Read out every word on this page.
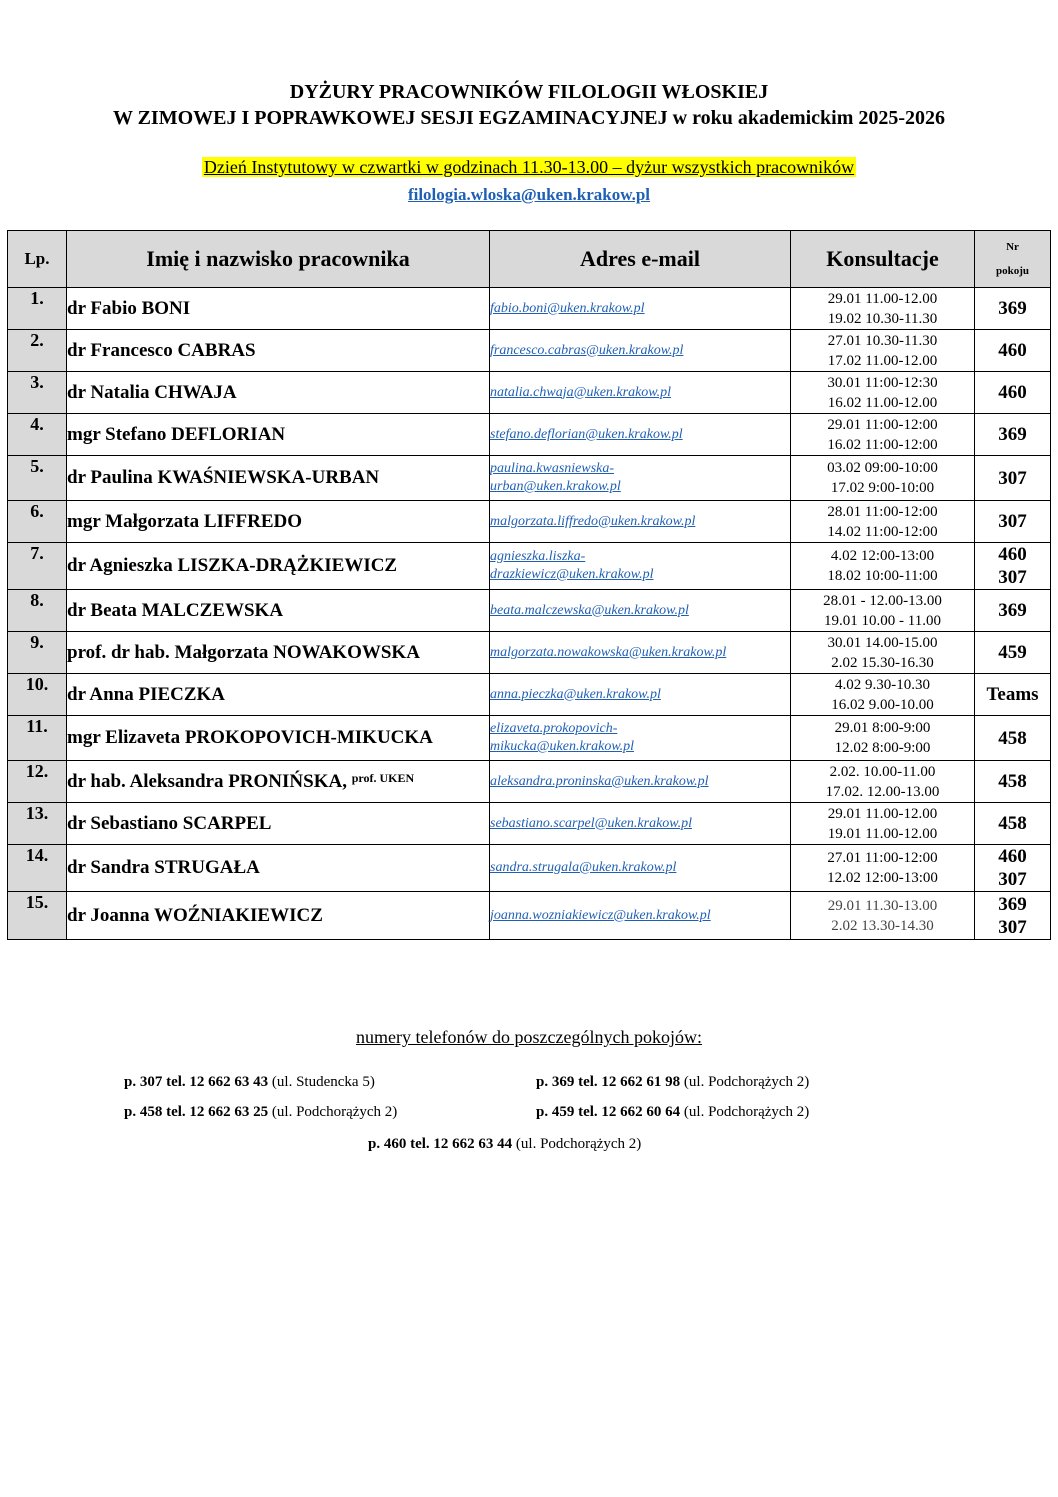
DYŻURY PRACOWNIKÓW FILOLOGII WŁOSKIEJ
W ZIMOWEJ I POPRAWKOWEJ SESJI EGZAMINACYJNEJ w roku akademickim 2025-2026
Dzień Instytutowy w czwartki w godzinach 11.30-13.00 – dyżur wszystkich pracowników
filologia.wloska@uken.krakow.pl
Lp.	Imię i nazwisko pracownika	Adres e-mail	Konsultacje	Nr
pokoju
1.	dr Fabio BONI	fabio.boni@uken.krakow.pl	29.01 11.00-12.00
19.02 10.30-11.30	369
2.	dr Francesco CABRAS	francesco.cabras@uken.krakow.pl	27.01 10.30-11.30
17.02 11.00-12.00	460
3.	dr Natalia CHWAJA	natalia.chwaja@uken.krakow.pl	30.01 11:00-12:30
16.02 11.00-12.00	460
4.	mgr Stefano DEFLORIAN	stefano.deflorian@uken.krakow.pl	29.01 11:00-12:00
16.02 11:00-12:00	369
5.	dr Paulina KWAŚNIEWSKA-URBAN	paulina.kwasniewska-
urban@uken.krakow.pl	03.02 09:00-10:00
17.02 9:00-10:00	307
6.	mgr Małgorzata LIFFREDO	malgorzata.liffredo@uken.krakow.pl	28.01 11:00-12:00
14.02 11:00-12:00	307
7.	dr Agnieszka LISZKA-DRĄŻKIEWICZ	agnieszka.liszka-
drazkiewicz@uken.krakow.pl	4.02 12:00-13:00
18.02 10:00-11:00	460
307
8.	dr Beata MALCZEWSKA	beata.malczewska@uken.krakow.pl	28.01 - 12.00-13.00
19.01 10.00 - 11.00	369
9.	prof. dr hab. Małgorzata NOWAKOWSKA	malgorzata.nowakowska@uken.krakow.pl	30.01 14.00-15.00
2.02 15.30-16.30	459
10.	dr Anna PIECZKA	anna.pieczka@uken.krakow.pl	4.02 9.30-10.30
16.02 9.00-10.00	Teams
11.	mgr Elizaveta PROKOPOVICH-MIKUCKA	elizaveta.prokopovich-
mikucka@uken.krakow.pl	29.01 8:00-9:00
12.02 8:00-9:00	458
12.	dr hab. Aleksandra PRONIŃSKA, $^{prof. UKEN}$	aleksandra.proninska@uken.krakow.pl	2.02. 10.00-11.00
17.02. 12.00-13.00	458
13.	dr Sebastiano SCARPEL	sebastiano.scarpel@uken.krakow.pl	29.01 11.00-12.00
19.01 11.00-12.00	458
14.	dr Sandra STRUGAŁA	sandra.strugala@uken.krakow.pl	27.01 11:00-12:00
12.02 12:00-13:00	460
307
15.	dr Joanna WOŹNIAKIEWICZ	joanna.wozniakiewicz@uken.krakow.pl	29.01 11.30-13.00
2.02 13.30-14.30	369
307
numery telefonów do poszczególnych pokojów:
p. 307 tel. 12 662 63 43 (ul. Studencka 5)	p. 369 tel. 12 662 61 98 (ul. Podchorążych 2)
p. 458 tel. 12 662 63 25 (ul. Podchorążych 2)	p. 459 tel. 12 662 60 64 (ul. Podchorążych 2)
p. 460 tel. 12 662 63 44 (ul. Podchorążych 2)
